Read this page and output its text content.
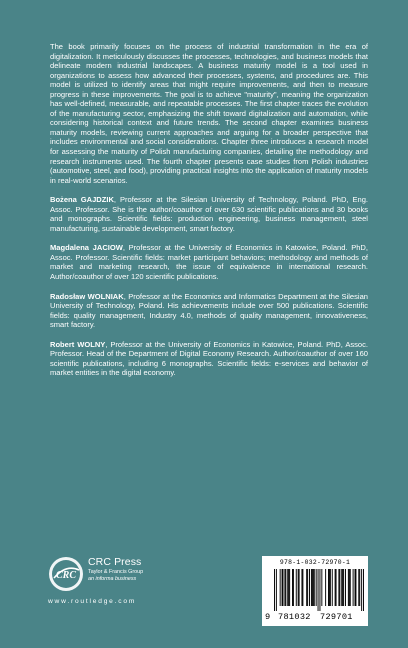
The book primarily focuses on the process of industrial transformation in the era of digitalization. It meticulously discusses the processes, technologies, and business models that delineate modern industrial landscapes. A business maturity model is a tool used in organizations to assess how advanced their processes, systems, and procedures are. This model is utilized to identify areas that might require improvements, and then to measure progress in these improvements. The goal is to achieve "maturity", meaning the organization has well-defined, measurable, and repeatable processes. The first chapter traces the evolution of the manufacturing sector, emphasizing the shift toward digitalization and automation, while considering historical context and future trends. The second chapter examines business maturity models, reviewing current approaches and arguing for a broader perspective that includes environmental and social considerations. Chapter three introduces a research model for assessing the maturity of Polish manufacturing companies, detailing the methodology and research instruments used. The fourth chapter presents case studies from Polish industries (automotive, steel, and food), providing practical insights into the application of maturity models in real-world scenarios.

Bożena GAJDZIK, Professor at the Silesian University of Technology, Poland. PhD, Eng. Assoc. Professor. She is the author/coauthor of over 630 scientific publications and 30 books and monographs. Scientific fields: production engineering, business management, steel manufacturing, sustainable development, smart factory.

Magdalena JACIOW, Professor at the University of Economics in Katowice, Poland. PhD, Assoc. Professor. Scientific fields: market participant behaviors; methodology and methods of market and marketing research, the issue of equivalence in international research. Author/coauthor of over 120 scientific publications.

Radosław WOLNIAK, Professor at the Economics and Informatics Department at the Silesian University of Technology, Poland. His achievements include over 500 publications. Scientific fields: quality management, Industry 4.0, methods of quality management, innovativeness, smart factory.

Robert WOLNY, Professor at the University of Economics in Katowice, Poland. PhD, Assoc. Professor. Head of the Department of Digital Economy Research. Author/coauthor of over 160 scientific publications, including 6 monographs. Scientific fields: e-services and behavior of market entities in the digital economy.

CRC
CRC Press
Taylor & Francis Group
an informa business
www.routledge.com
978-1-032-72970-1
9 781032 729701
